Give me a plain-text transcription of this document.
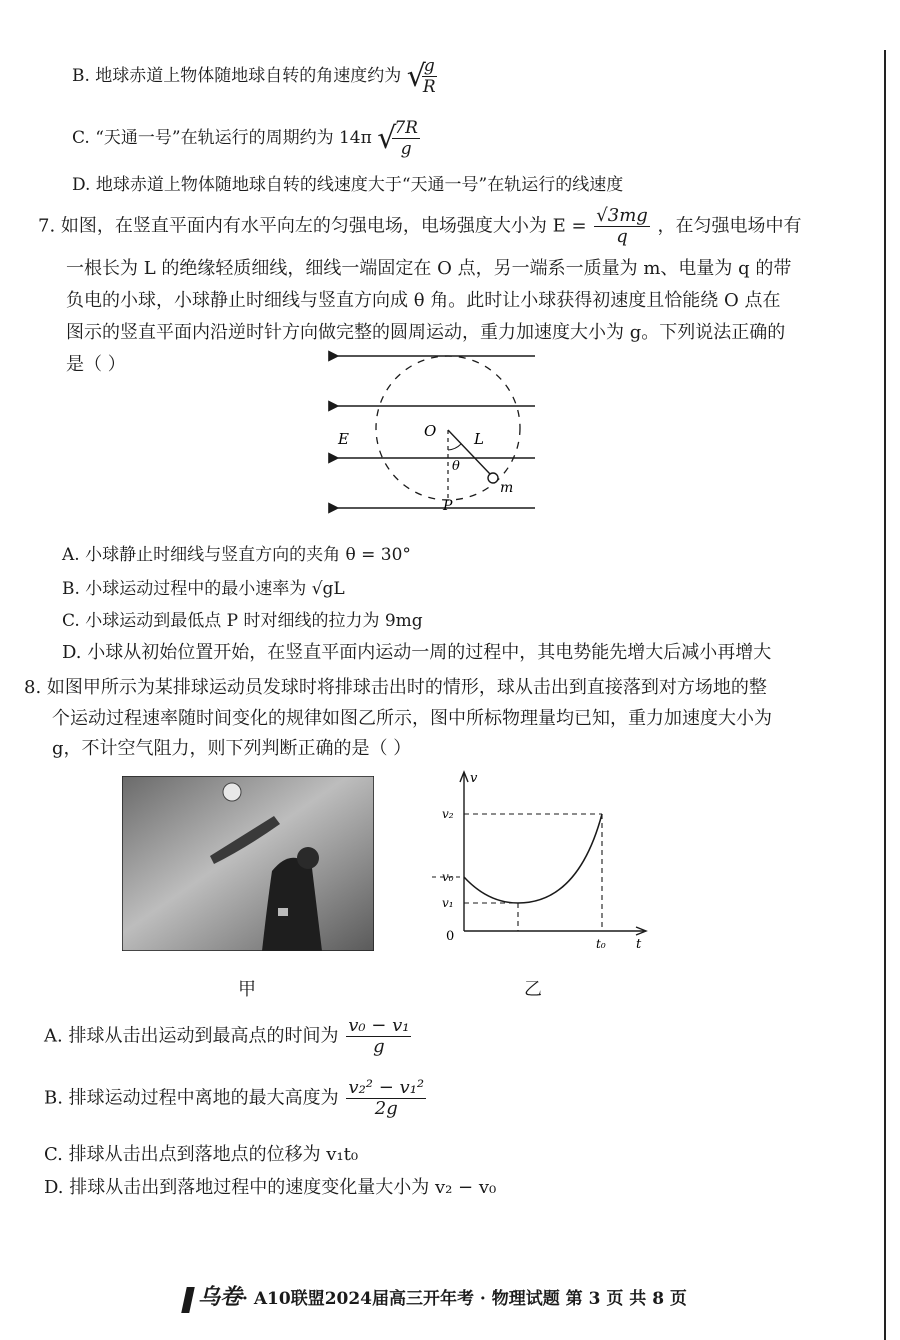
B. 地球赤道上物体随地球自转的角速度约为 √
$\frac{g}{R}$
C. “天通一号”在轨运行的周期约为 14π √
$\frac{7R}{g}$
D. 地球赤道上物体随地球自转的线速度大于“天通一号”在轨运行的线速度
7. 如图，在竖直平面内有水平向左的匀强电场，电场强度大小为 $E = \frac{√3mg}{q}$ ，在匀强电场中有
一根长为 L 的绝缘轻质细线，细线一端固定在 O 点，另一端系一质量为 m、电量为 q 的带
负电的小球，小球静止时细线与竖直方向成 θ 角。此时让小球获得初速度且恰能绕 O 点在
图示的竖直平面内沿逆时针方向做完整的圆周运动，重力加速度大小为 g。下列说法正确的
是（ ）
E	O	L
θ
m
P
A. 小球静止时细线与竖直方向的夹角 θ = 30°
B. 小球运动过程中的最小速率为 √gL
C. 小球运动到最低点 P 时对细线的拉力为 9mg
D. 小球从初始位置开始，在竖直平面内运动一周的过程中，其电势能先增大后减小再增大
8. 如图甲所示为某排球运动员发球时将排球击出时的情形，球从击出到直接落到对方场地的整
个运动过程速率随时间变化的规律如图乙所示，图中所标物理量均已知，重力加速度大小为
g，不计空气阻力，则下列判断正确的是（ ）
甲
v
t
0
v₂
v₀
v₁
t₀
乙
A. 排球从击出运动到最高点的时间为 $\frac{\text{v₀ − v₁}}{g}$
B. 排球运动过程中离地的最大高度为 $\frac{\text{v₂² − v₁²}}{2g}$
C. 排球从击出点到落地点的位移为 v₁t₀
D. 排球从击出到落地过程中的速度变化量大小为 v₂ − v₀
乌卷· A10联盟2024届高三开年考 · 物理试题 第 3 页 共 8 页
